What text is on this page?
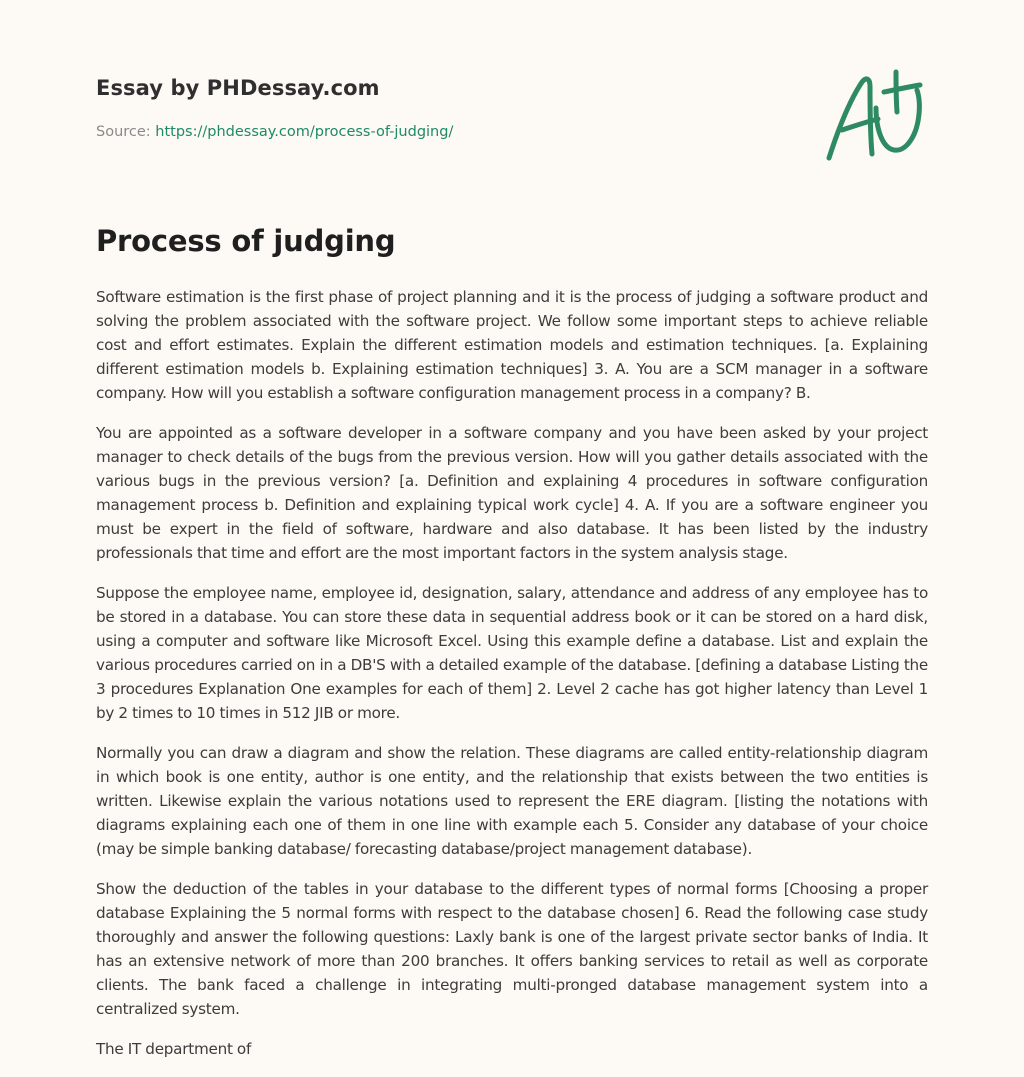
Essay by PHDessay.com
Source: https://phdessay.com/process-of-judging/
Process of judging

Software estimation is the first phase of project planning and it is the process of judging a software product and solving the problem associated with the software project. We follow some important steps to achieve reliable cost and effort estimates. Explain the different estimation models and estimation techniques. [a. Explaining different estimation models b. Explaining estimation techniques] 3. A. You are a SCM manager in a software company. How will you establish a software configuration management process in a company? B.

You are appointed as a software developer in a software company and you have been asked by your project manager to check details of the bugs from the previous version. How will you gather details associated with the various bugs in the previous version? [a. Definition and explaining 4 procedures in software configuration management process b. Definition and explaining typical work cycle] 4. A. If you are a software engineer you must be expert in the field of software, hardware and also database. It has been listed by the industry professionals that time and effort are the most important factors in the system analysis stage.

Suppose the employee name, employee id, designation, salary, attendance and address of any employee has to be stored in a database. You can store these data in sequential address book or it can be stored on a hard disk, using a computer and software like Microsoft Excel. Using this example define a database. List and explain the various procedures carried on in a DB'S with a detailed example of the database. [defining a database Listing the 3 procedures Explanation One examples for each of them] 2. Level 2 cache has got higher latency than Level 1 by 2 times to 10 times in 512 JIB or more.

Normally you can draw a diagram and show the relation. These diagrams are called entity-relationship diagram in which book is one entity, author is one entity, and the relationship that exists between the two entities is written. Likewise explain the various notations used to represent the ERE diagram. [listing the notations with diagrams explaining each one of them in one line with example each 5. Consider any database of your choice (may be simple banking database/ forecasting database/project management database).

Show the deduction of the tables in your database to the different types of normal forms [Choosing a proper database Explaining the 5 normal forms with respect to the database chosen] 6. Read the following case study thoroughly and answer the following questions: Laxly bank is one of the largest private sector banks of India. It has an extensive network of more than 200 branches. It offers banking services to retail as well as corporate clients. The bank faced a challenge in integrating multi-pronged database management system into a centralized system.

The IT department of
